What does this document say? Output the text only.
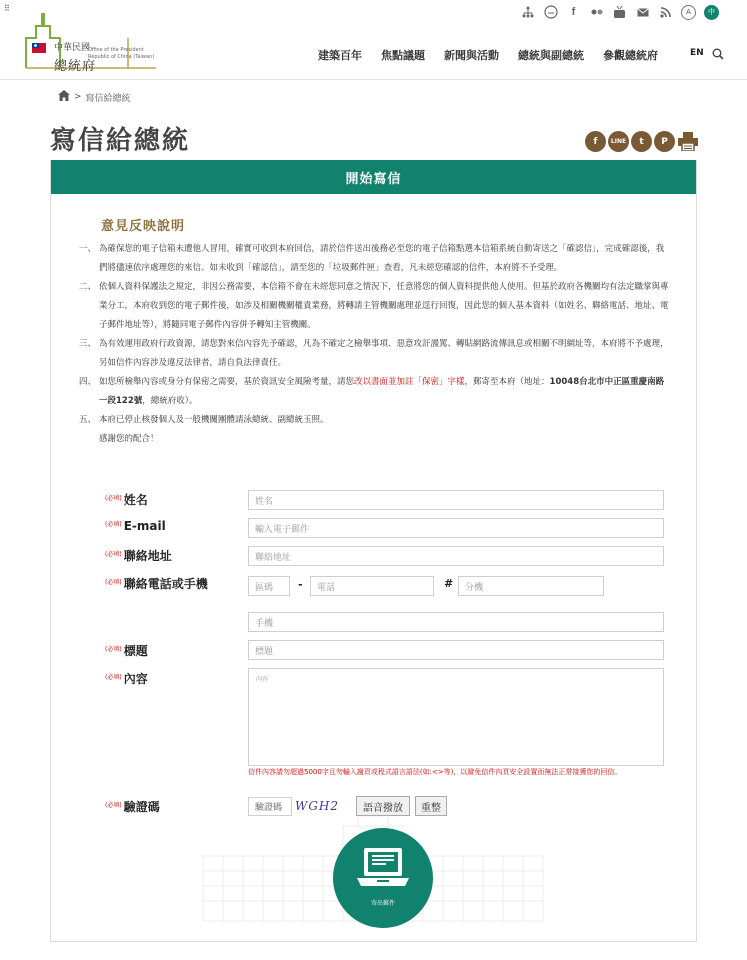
⠿	f	A	中
中華民國
總統府
Office of the President Republic of China (Taiwan)	建築百年 焦點議題 新聞與活動 總統與副總統 參觀總統府	EN
> 寫信給總統
寫信給總統	f	LINE	t	P
開始寫信
意見反映說明
一、 為確保您的電子信箱未遭他人冒用，確實可收到本府回信，請於信件送出後務必至您的電子信箱點選本信箱系統自動寄送之「確認信」，完成確認後，我們將儘速依序處理您的來信。如未收到「確認信」，請至您的「垃圾郵件匣」查看，凡未經您確認的信件，本府將不予受理。
二、 依個人資料保護法之規定，非因公務需要，本信箱不會在未經您同意之情況下，任意將您的個人資料提供他人使用。但基於政府各機關均有法定職掌與專業分工，本府收到您的電子郵件後，如涉及相關機關權責業務，將轉請主管機關處理並逕行回復，因此您的個人基本資料（如姓名、聯絡電話、地址、電子郵件地址等），將隨同電子郵件內容併予轉知主管機關。
三、 為有效運用政府行政資源，請您對來信內容先予確認，凡為不確定之檢舉事項、惡意攻訐謾罵、轉貼網路流傳訊息或相關不明網址等，本府將不予處理，另如信件內容涉及違反法律者，請自負法律責任。
四、 如您所檢舉內容或身分有保密之需要，基於資訊安全風險考量，請您改以書面並加註「保密」字樣，郵寄至本府（地址：10048台北市中正區重慶南路一段122號，總統府收）。
五、 本府已停止核發個人及一般機關團體請泳總統、副總統玉照。
感謝您的配合！
(必填) 姓名	姓名
(必填) E-mail	輸入電子郵件
(必填) 聯絡地址	聯絡地址
(必填) 聯絡電話或手機	區碼	-	電話	#	分機
手機
(必填) 標題	標題
(必填) 內容	內容
信件內容請勿超過5000字且勿輸入謝頁或程式語言語法(如:<>等)，以避免信件內頁安全設置而無法正常接獲您的回信。
(必填) 驗證碼	驗證碼	WGH2	語音撥放	重整
寄出郵件
